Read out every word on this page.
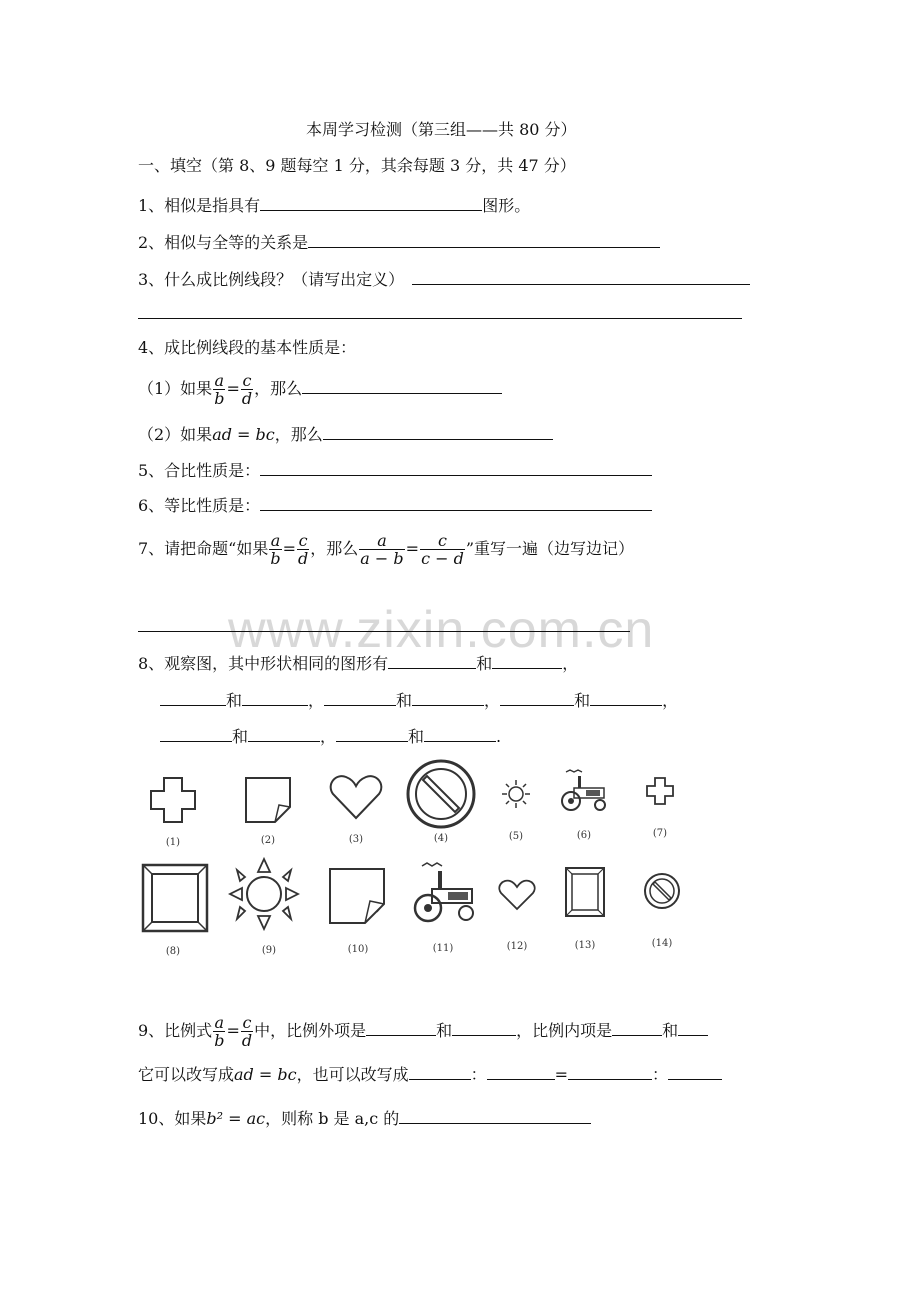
www.zixin.com.cn
本周学习检测（第三组——共 80 分）
一、填空（第 8、9 题每空 1 分，其余每题 3 分，共 47 分）
1、相似是指具有	图形。
2、相似与全等的关系是
3、什么成比例线段？（请写出定义）
4、成比例线段的基本性质是：
（1）如果 $\frac{a}{b} = \frac{c}{d}$ ，那么
（2）如果ad = bc，那么
5、合比性质是：
6、等比性质是：
7、请把命题“如果 $\frac{a}{b} = \frac{c}{d}$ ，那么 $\frac{a}{a - b} = \frac{c}{c - d}$ ”重写一遍（边写边记）
8、观察图，其中形状相同的图形有	和	，
和	，	和	，	和	，
和	，	和	.
(1)	(2)	(3)	(4)	(5)	(6)	(7)
(8)	(9)	(10)	(11)	(12)	(13)	(14)
9、比例式 $\frac{a}{b} = \frac{c}{d}$ 中，比例外项是	和	，比例内项是	和
它可以改写成ad = bc，也可以改写成	：	=	：
10、如果b² = ac，则称 b 是 a,c 的
